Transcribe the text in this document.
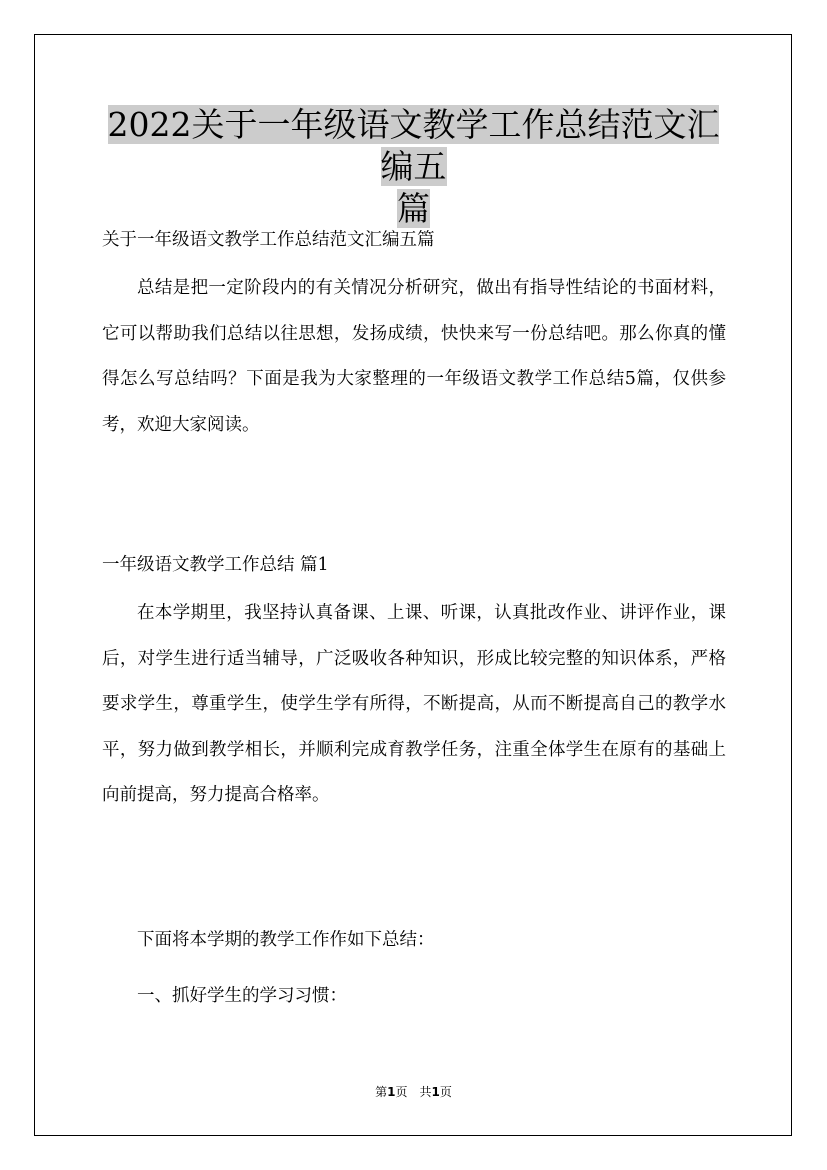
2022关于一年级语文教学工作总结范文汇编五
篇

关于一年级语文教学工作总结范文汇编五篇

总结是把一定阶段内的有关情况分析研究，做出有指导性结论的书面材料，它可以帮助我们总结以往思想，发扬成绩，快快来写一份总结吧。那么你真的懂得怎么写总结吗？下面是我为大家整理的一年级语文教学工作总结5篇，仅供参考，欢迎大家阅读。

一年级语文教学工作总结 篇1

在本学期里，我坚持认真备课、上课、听课，认真批改作业、讲评作业，课后，对学生进行适当辅导，广泛吸收各种知识，形成比较完整的知识体系，严格要求学生，尊重学生，使学生学有所得，不断提高，从而不断提高自己的教学水平，努力做到教学相长，并顺利完成育教学任务，注重全体学生在原有的基础上向前提高，努力提高合格率。

下面将本学期的教学工作作如下总结：

一、抓好学生的学习习惯：

第1页　共1页
